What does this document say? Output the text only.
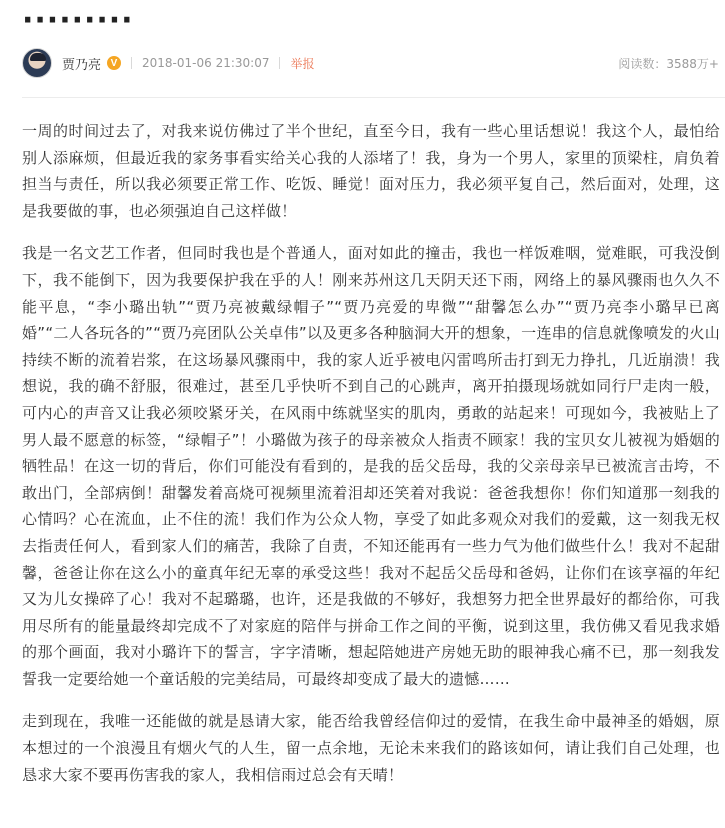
·········
贾乃亮 V	2018-01-06 21:30:07 举报	阅读数：3588万+

一周的时间过去了，对我来说仿佛过了半个世纪，直至今日，我有一些心里话想说！我这个人，最怕给别人添麻烦，但最近我的家务事看实给关心我的人添堵了！我，身为一个男人，家里的顶梁柱，肩负着担当与责任，所以我必须要正常工作、吃饭、睡觉！面对压力，我必须平复自己，然后面对，处理，这是我要做的事，也必须强迫自己这样做！

我是一名文艺工作者，但同时我也是个普通人，面对如此的撞击，我也一样饭难咽，觉难眠，可我没倒下，我不能倒下，因为我要保护我在乎的人！刚来苏州这几天阴天还下雨，网络上的暴风骤雨也久久不能平息，“李小璐出轨”“贾乃亮被戴绿帽子”“贾乃亮爱的卑微”“甜馨怎么办”“贾乃亮李小璐早已离婚”“二人各玩各的”“贾乃亮团队公关卓伟”以及更多各种脑洞大开的想象，一连串的信息就像喷发的火山持续不断的流着岩浆，在这场暴风骤雨中，我的家人近乎被电闪雷鸣所击打到无力挣扎，几近崩溃！我想说，我的确不舒服，很难过，甚至几乎快听不到自己的心跳声，离开拍摄现场就如同行尸走肉一般，可内心的声音又让我必须咬紧牙关，在风雨中练就坚实的肌肉，勇敢的站起来！可现如今，我被贴上了男人最不愿意的标签，“绿帽子”！小璐做为孩子的母亲被众人指责不顾家！我的宝贝女儿被视为婚姻的牺牲品！在这一切的背后，你们可能没有看到的，是我的岳父岳母，我的父亲母亲早已被流言击垮，不敢出门，全部病倒！甜馨发着高烧可视频里流着泪却还笑着对我说：爸爸我想你！你们知道那一刻我的心情吗？心在流血，止不住的流！我们作为公众人物，享受了如此多观众对我们的爱戴，这一刻我无权去指责任何人，看到家人们的痛苦，我除了自责，不知还能再有一些力气为他们做些什么！我对不起甜馨，爸爸让你在这么小的童真年纪无辜的承受这些！我对不起岳父岳母和爸妈，让你们在该享福的年纪又为儿女操碎了心！我对不起璐璐，也许，还是我做的不够好，我想努力把全世界最好的都给你，可我用尽所有的能量最终却完成不了对家庭的陪伴与拼命工作之间的平衡，说到这里，我仿佛又看见我求婚的那个画面，我对小璐许下的誓言，字字清晰，想起陪她进产房她无助的眼神我心痛不已，那一刻我发誓我一定要给她一个童话般的完美结局，可最终却变成了最大的遗憾……

走到现在，我唯一还能做的就是恳请大家，能否给我曾经信仰过的爱情，在我生命中最神圣的婚姻，原本想过的一个浪漫且有烟火气的人生，留一点余地，无论未来我们的路该如何，请让我们自己处理，也恳求大家不要再伤害我的家人，我相信雨过总会有天晴！
